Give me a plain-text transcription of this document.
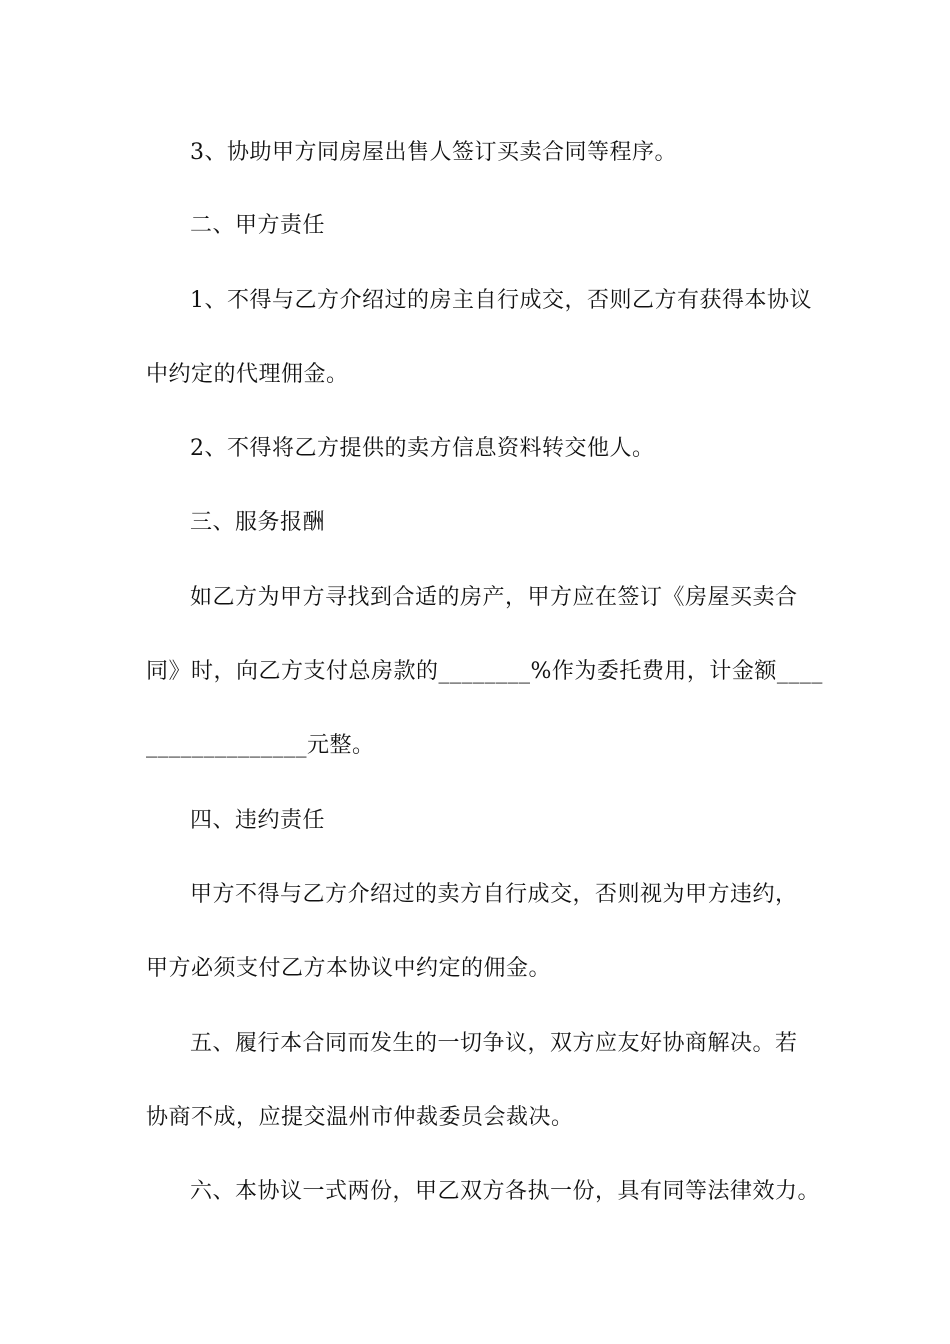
3、协助甲方同房屋出售人签订买卖合同等程序。
二、甲方责任
1、不得与乙方介绍过的房主自行成交，否则乙方有获得本协议
中约定的代理佣金。
2、不得将乙方提供的卖方信息资料转交他人。
三、服务报酬
如乙方为甲方寻找到合适的房产，甲方应在签订《房屋买卖合
同》时，向乙方支付总房款的________%作为委托费用，计金额____
______________元整。
四、违约责任
甲方不得与乙方介绍过的卖方自行成交，否则视为甲方违约，
甲方必须支付乙方本协议中约定的佣金。
五、履行本合同而发生的一切争议，双方应友好协商解决。若
协商不成，应提交温州市仲裁委员会裁决。
六、本协议一式两份，甲乙双方各执一份，具有同等法律效力。
